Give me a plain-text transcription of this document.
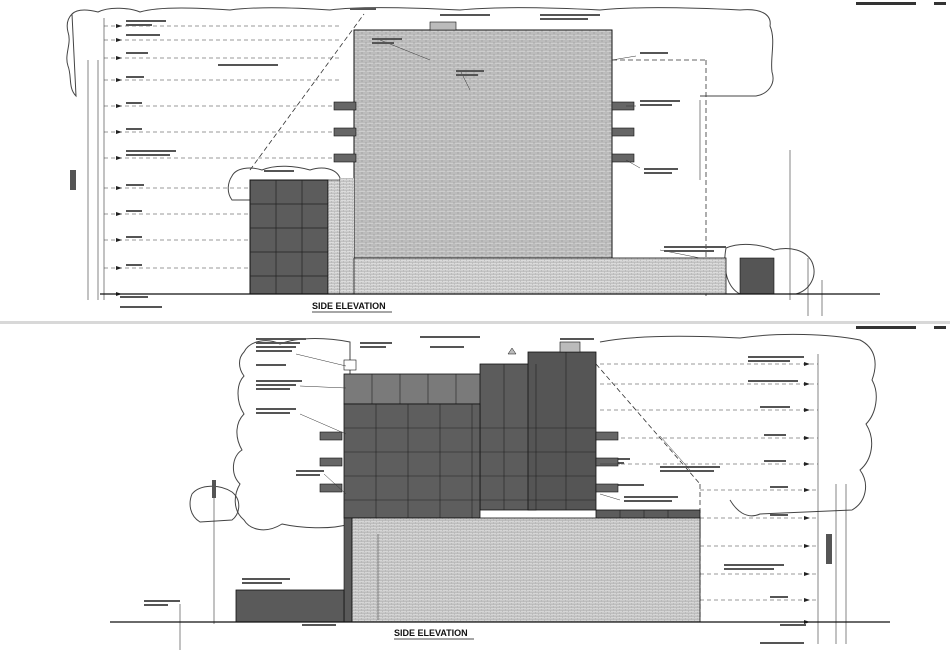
SIDE ELEVATION
SIDE ELEVATION
